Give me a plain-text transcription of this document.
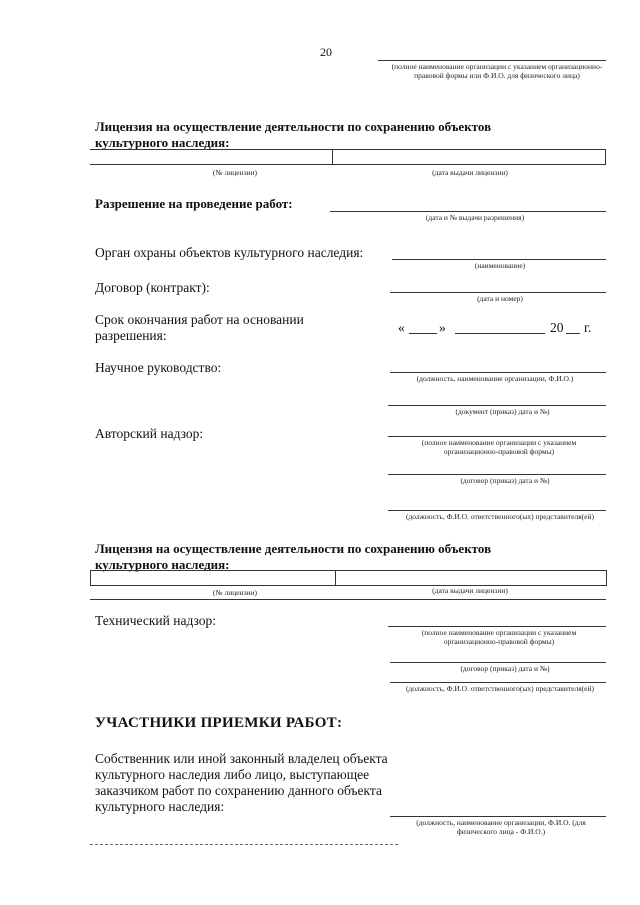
20
(полное наименование организации с указанием организационно-правовой формы или Ф.И.О. для физического лица)
Лицензия на осуществление деятельности по сохранению объектов культурного наследия:
(№ лицензии)	(дата выдачи лицензии)
Разрешение на проведение работ:
(дата и № выдачи разрешения)
Орган охраны объектов культурного наследия:
(наименование)
Договор (контракт):
(дата и номер)
Срок окончания работ на основании разрешения:
«	»	20 г.
Научное руководство:
(должность, наименование организации, Ф.И.О.)
(документ (приказ) дата и №)
Авторский надзор:
(полное наименование организации с указанием организационно-правовой формы)
(договор (приказ) дата и №)
(должность, Ф.И.О. ответственного(ых) представителя(ей)
Лицензия на осуществление деятельности по сохранению объектов культурного наследия:
(№ лицензии)	(дата выдачи лицензии)
Технический надзор:
(полное наименование организации с указанием организационно-правовой формы)
(договор (приказ) дата и №)
(должность, Ф.И.О. ответственного(ых) представителя(ей)
УЧАСТНИКИ ПРИЕМКИ РАБОТ:
Собственник или иной законный владелец объекта культурного наследия либо лицо, выступающее заказчиком работ по сохранению данного объекта культурного наследия:
(должность, наименование организации, Ф.И.О. (для физического лица - Ф.И.О.)
